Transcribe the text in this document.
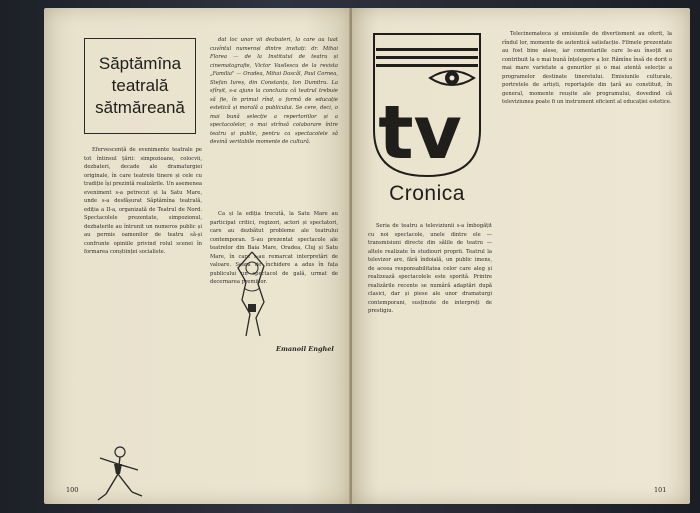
Săptămîna
teatrală
sătmăreană

dat loc unor vii dezbateri, la care au luat cuvîntul numeroși dintre invitați: dr. Mihai Florea — de la Institutul de teatru și cinematografie, Victor Vasilescu de la revista „Familia" — Oradea, Mihai Dascăl, Paul Cornea, Stefan Iureș, din Constanța, Ion Dumitru. La sfîrșit, s-a ajuns la concluzia că teatrul trebuie să fie, în primul rînd, o formă de educație estetică și morală a publicului. Se cere, deci, o mai bună selecție a repertoriilor și a spectacolelor, o mai strînsă colaborare între teatru și public, pentru ca spectacolele să devină veritabile momente de cultură.

Efervescență de evenimente teatrale pe tot întinsul țării: simpozioane, colocvii, dezbateri, decade ale dramaturgiei originale, în care teatrele tinere și cele cu tradiție își prezintă realizările. Un asemenea eveniment s-a petrecut și la Satu Mare, unde s-a desfășurat Săptămîna teatrală, ediția a II-a, organizată de Teatrul de Nord. Spectacolele prezentate, simpozionul, dezbaterile au întrunit un numeros public și au permis oamenilor de teatru să-și confrunte opiniile privind rolul scenei în formarea conștiinței socialiste.

Ca și la ediția trecută, la Satu Mare au participat critici, regizori, actori și spectatori, care au dezbătut probleme ale teatrului contemporan. S-au prezentat spectacole ale teatrelor din Baia Mare, Oradea, Cluj și Satu Mare, în care s-au remarcat interpretări de valoare. Seara de închidere a adus în fața publicului un spectacol de gală, urmat de decernarea premiilor.

Emanoil Enghel
100
tv
Cronica

Seria de teatru a televiziunii s-a îmbogățit cu noi spectacole, unele dintre ele — transmisiuni directe din sălile de teatru — altele realizate în studiouri proprii. Teatrul la televizor are, fără îndoială, un public imens, de aceea responsabilitatea celor care aleg și realizează spectacolele este sporită. Printre realizările recente se numără adaptări după clasici, dar și piese ale unor dramaturgi contemporani, susținute de interpreți de prestigiu.

Telecinemateca și emisiunile de divertisment au oferit, la rîndul lor, momente de autentică satisfacție. Filmele prezentate au fost bine alese, iar comentariile care le-au însoțit au contribuit la o mai bună înțelegere a lor. Rămîne însă de dorit o mai mare varietate a genurilor și o mai atentă selecție a programelor destinate tineretului. Emisiunile culturale, portretele de artiști, reportajele din țară au constituit, în general, momente reușite ale programului, dovedind că televiziunea poate fi un instrument eficient al educației estetice.

101
